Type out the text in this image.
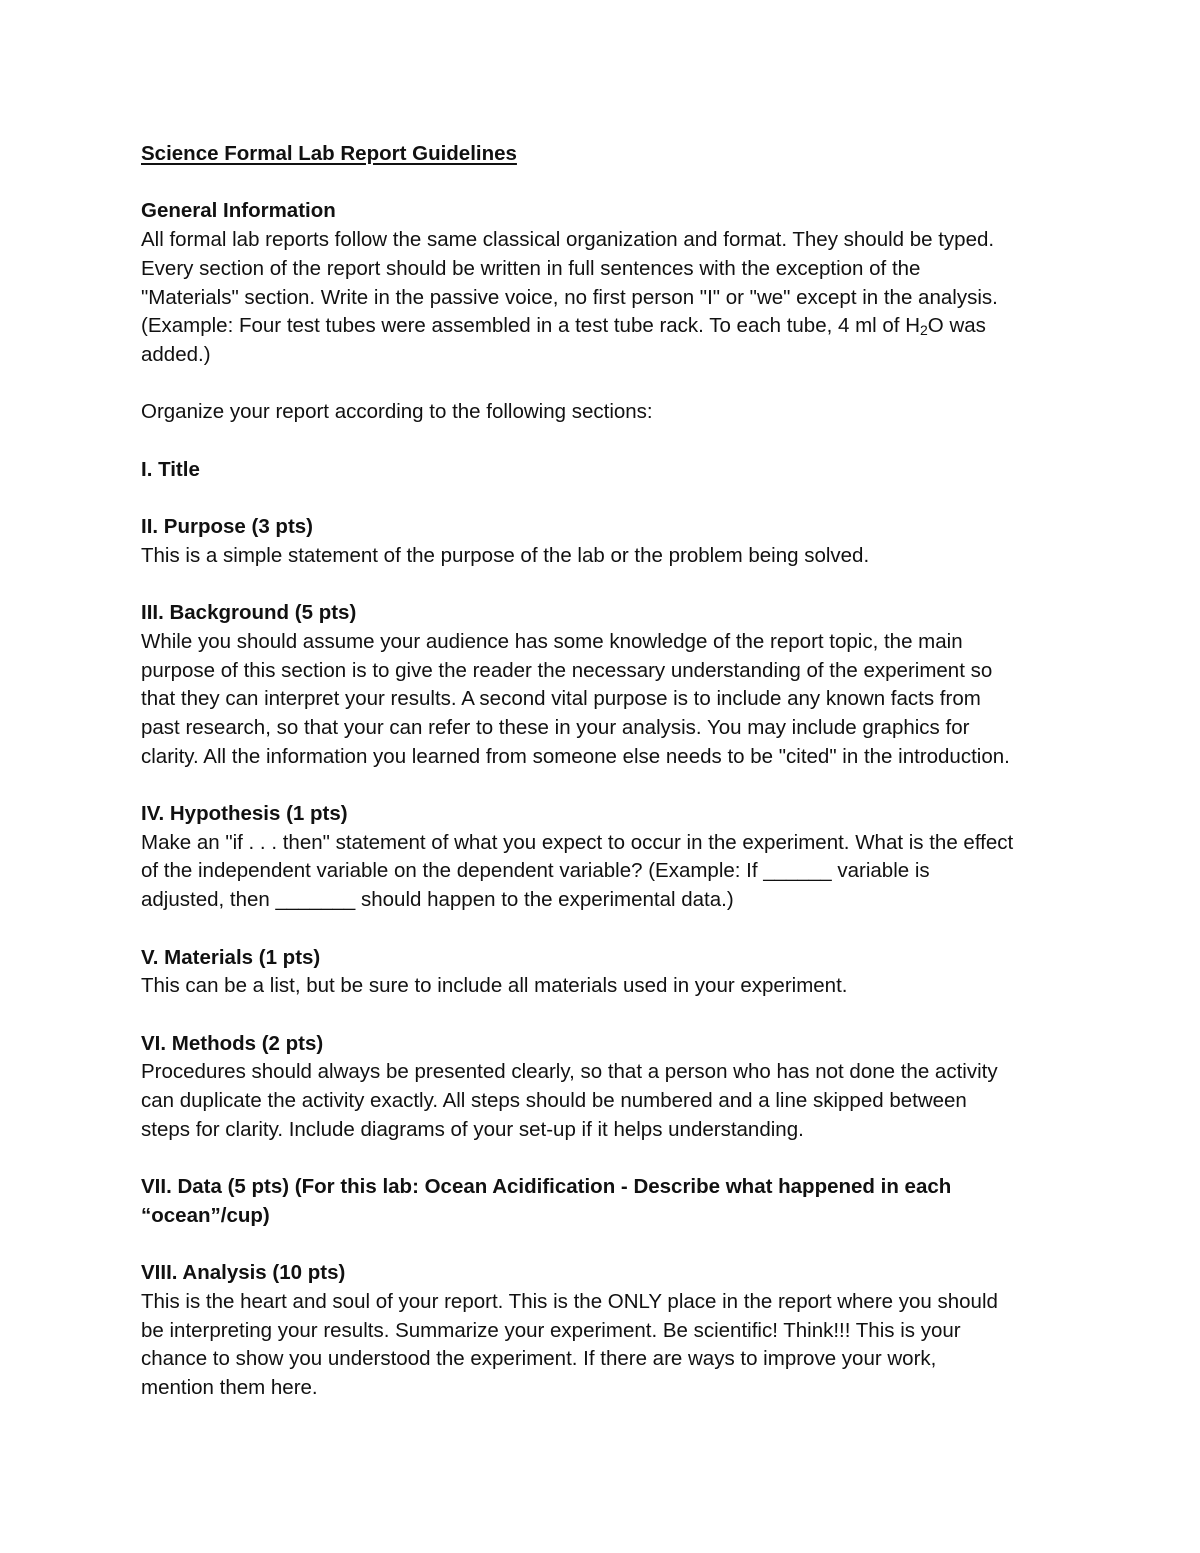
Science Formal Lab Report Guidelines

General Information

All formal lab reports follow the same classical organization and format. They should be typed.

Every section of the report should be written in full sentences with the exception of the

"Materials" section. Write in the passive voice, no first person "I" or "we" except in the analysis.

(Example: Four test tubes were assembled in a test tube rack. To each tube, 4 ml of $H_2O$ was

added.)

Organize your report according to the following sections:

I. Title

II. Purpose (3 pts)

This is a simple statement of the purpose of the lab or the problem being solved.

III. Background (5 pts)

While you should assume your audience has some knowledge of the report topic, the main

purpose of this section is to give the reader the necessary understanding of the experiment so

that they can interpret your results. A second vital purpose is to include any known facts from

past research, so that your can refer to these in your analysis. You may include graphics for

clarity. All the information you learned from someone else needs to be "cited" in the introduction.

IV. Hypothesis (1 pts)

Make an "if . . . then" statement of what you expect to occur in the experiment. What is the effect

of the independent variable on the dependent variable? (Example: If ______ variable is

adjusted, then _______ should happen to the experimental data.)

V. Materials (1 pts)

This can be a list, but be sure to include all materials used in your experiment.

VI. Methods (2 pts)

Procedures should always be presented clearly, so that a person who has not done the activity

can duplicate the activity exactly. All steps should be numbered and a line skipped between

steps for clarity. Include diagrams of your set-up if it helps understanding.

VII. Data (5 pts) (For this lab: Ocean Acidification - Describe what happened in each

“ocean”/cup)

VIII. Analysis (10 pts)

This is the heart and soul of your report. This is the ONLY place in the report where you should

be interpreting your results. Summarize your experiment. Be scientific! Think!!! This is your

chance to show you understood the experiment. If there are ways to improve your work,

mention them here.
